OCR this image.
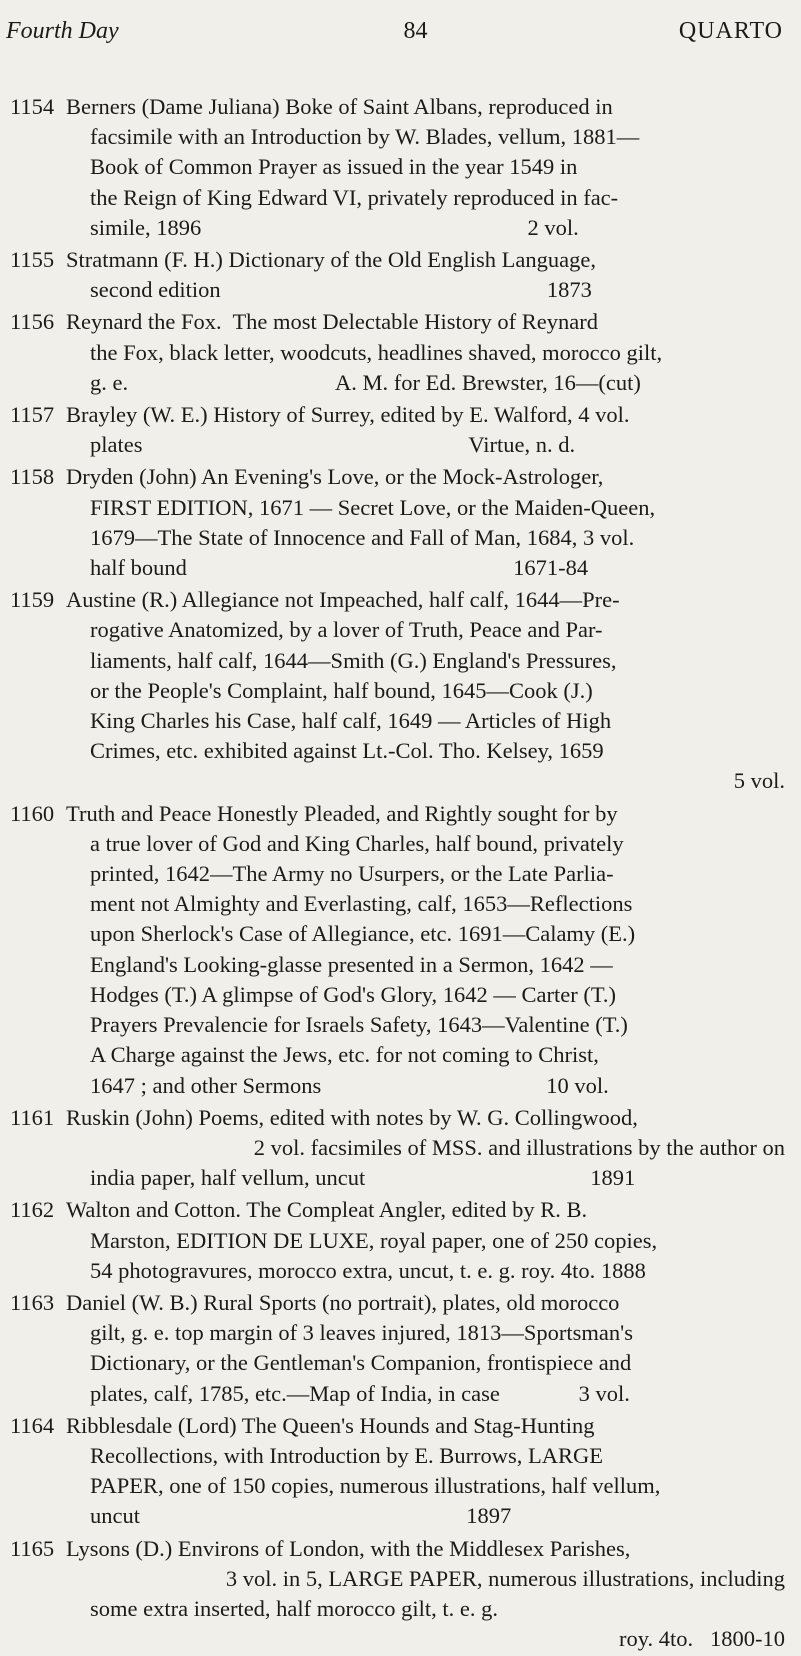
Fourth Day	84	QUARTO
1154 Berners (Dame Juliana) Boke of Saint Albans, reproduced in
facsimile with an Introduction by W. Blades, vellum, 1881—
Book of Common Prayer as issued in the year 1549 in
the Reign of King Edward VI, privately reproduced in fac-
simile, 1896                                                          2 vol.
1155 Stratmann (F. H.) Dictionary of the Old English Language,
second edition                                                          1873
1156 Reynard the Fox.  The most Delectable History of Reynard
the Fox, black letter, woodcuts, headlines shaved, morocco gilt,
g. e.                                     A. M. for Ed. Brewster, 16—(cut)
1157 Brayley (W. E.) History of Surrey, edited by E. Walford, 4 vol.
plates                                                          Virtue, n. d.
1158 Dryden (John) An Evening's Love, or the Mock-Astrologer,
FIRST EDITION, 1671 — Secret Love, or the Maiden-Queen,
1679—The State of Innocence and Fall of Man, 1684, 3 vol.
half bound                                                          1671-84
1159 Austine (R.) Allegiance not Impeached, half calf, 1644—Pre-
rogative Anatomized, by a lover of Truth, Peace and Par-
liaments, half calf, 1644—Smith (G.) England's Pressures,
or the People's Complaint, half bound, 1645—Cook (J.)
King Charles his Case, half calf, 1649 — Articles of High
Crimes, etc. exhibited against Lt.-Col. Tho. Kelsey, 1659
5 vol.
1160 Truth and Peace Honestly Pleaded, and Rightly sought for by
a true lover of God and King Charles, half bound, privately
printed, 1642—The Army no Usurpers, or the Late Parlia-
ment not Almighty and Everlasting, calf, 1653—Reflections
upon Sherlock's Case of Allegiance, etc. 1691—Calamy (E.)
England's Looking-glasse presented in a Sermon, 1642 —
Hodges (T.) A glimpse of God's Glory, 1642 — Carter (T.)
Prayers Prevalencie for Israels Safety, 1643—Valentine (T.)
A Charge against the Jews, etc. for not coming to Christ,
1647 ; and other Sermons                                        10 vol.
1161 Ruskin (John) Poems, edited with notes by W. G. Collingwood,
2 vol. facsimiles of MSS. and illustrations by the author on
india paper, half vellum, uncut                                        1891
1162 Walton and Cotton. The Compleat Angler, edited by R. B.
Marston, EDITION DE LUXE, royal paper, one of 250 copies,
54 photogravures, morocco extra, uncut, t. e. g. roy. 4to. 1888
1163 Daniel (W. B.) Rural Sports (no portrait), plates, old morocco
gilt, g. e. top margin of 3 leaves injured, 1813—Sportsman's
Dictionary, or the Gentleman's Companion, frontispiece and
plates, calf, 1785, etc.—Map of India, in case              3 vol.
1164 Ribblesdale (Lord) The Queen's Hounds and Stag-Hunting
Recollections, with Introduction by E. Burrows, LARGE
PAPER, one of 150 copies, numerous illustrations, half vellum,
uncut                                                          1897
1165 Lysons (D.) Environs of London, with the Middlesex Parishes,
3 vol. in 5, LARGE PAPER, numerous illustrations, including
some extra inserted, half morocco gilt, t. e. g.
roy. 4to.   1800-10
